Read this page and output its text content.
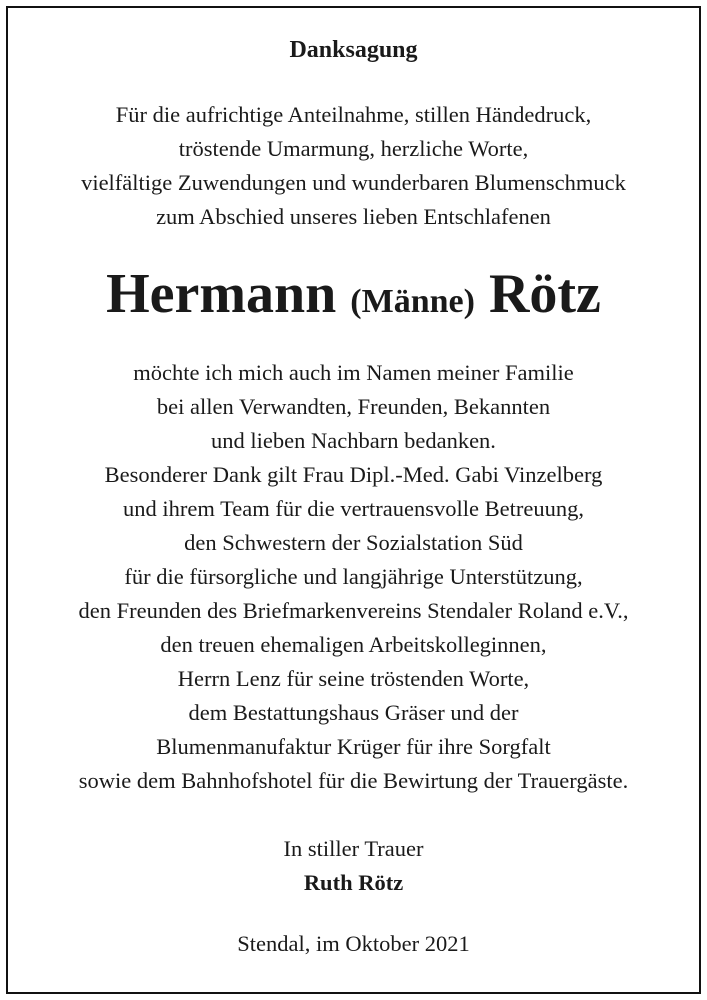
Danksagung
Für die aufrichtige Anteilnahme, stillen Händedruck,
tröstende Umarmung, herzliche Worte,
vielfältige Zuwendungen und wunderbaren Blumenschmuck
zum Abschied unseres lieben Entschlafenen
Hermann (Männe) Rötz
möchte ich mich auch im Namen meiner Familie
bei allen Verwandten, Freunden, Bekannten
und lieben Nachbarn bedanken.
Besonderer Dank gilt Frau Dipl.-Med. Gabi Vinzelberg
und ihrem Team für die vertrauensvolle Betreuung,
den Schwestern der Sozialstation Süd
für die fürsorgliche und langjährige Unterstützung,
den Freunden des Briefmarkenvereins Stendaler Roland e.V.,
den treuen ehemaligen Arbeitskolleginnen,
Herrn Lenz für seine tröstenden Worte,
dem Bestattungshaus Gräser und der
Blumenmanufaktur Krüger für ihre Sorgfalt
sowie dem Bahnhofshotel für die Bewirtung der Trauergäste.
In stiller Trauer
Ruth Rötz
Stendal, im Oktober 2021
